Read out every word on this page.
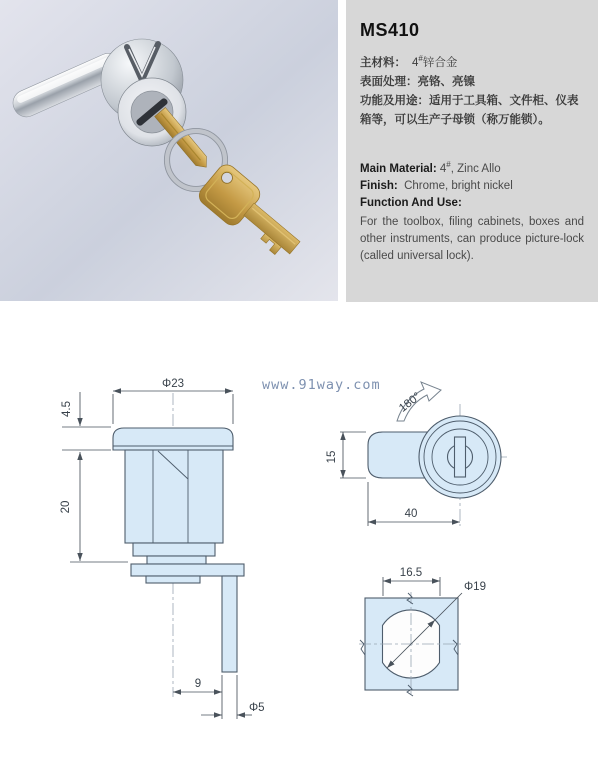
MS410
主材料： 4#锌合金
表面处理：亮铬、亮镍
功能及用途：适用于工具箱、文件柜、仪表箱等，可以生产子母锁（称万能锁）。
Main Material: 4#, Zinc Allo
Finish: Chrome, bright nickel
Function And Use:

For the toolbox, filing cabinets, boxes and other instruments, can produce picture-lock (called universal lock).

www.91way.com
Φ23
4.5
20
9
Φ5
180°
15
40
16.5
Φ19
